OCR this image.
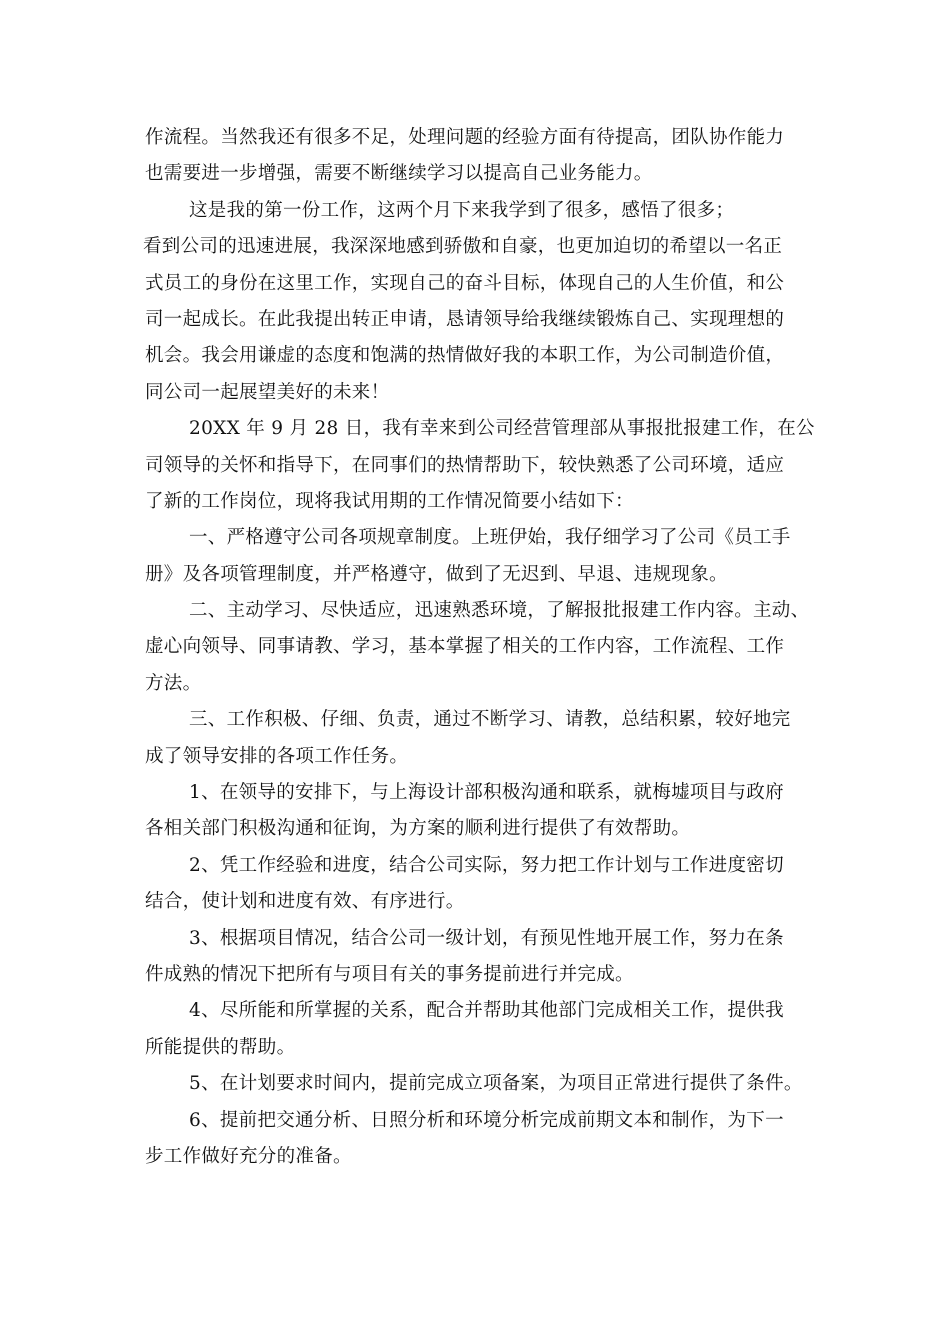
作流程。当然我还有很多不足，处理问题的经验方面有待提高，团队协作能力
也需要进一步增强，需要不断继续学习以提高自己业务能力。
这是我的第一份工作，这两个月下来我学到了很多，感悟了很多；
看到公司的迅速进展，我深深地感到骄傲和自豪，也更加迫切的希望以一名正
式员工的身份在这里工作，实现自己的奋斗目标，体现自己的人生价值，和公
司一起成长。在此我提出转正申请，恳请领导给我继续锻炼自己、实现理想的
机会。我会用谦虚的态度和饱满的热情做好我的本职工作，为公司制造价值，
同公司一起展望美好的未来！
20XX 年 9 月 28 日，我有幸来到公司经营管理部从事报批报建工作，在公
司领导的关怀和指导下，在同事们的热情帮助下，较快熟悉了公司环境，适应
了新的工作岗位，现将我试用期的工作情况简要小结如下：
一、严格遵守公司各项规章制度。上班伊始，我仔细学习了公司《员工手
册》及各项管理制度，并严格遵守，做到了无迟到、早退、违规现象。
二、主动学习、尽快适应，迅速熟悉环境，了解报批报建工作内容。主动、
虚心向领导、同事请教、学习，基本掌握了相关的工作内容，工作流程、工作
方法。
三、工作积极、仔细、负责，通过不断学习、请教，总结积累，较好地完
成了领导安排的各项工作任务。
1、在领导的安排下，与上海设计部积极沟通和联系，就梅墟项目与政府
各相关部门积极沟通和征询，为方案的顺利进行提供了有效帮助。
2、凭工作经验和进度，结合公司实际，努力把工作计划与工作进度密切
结合，使计划和进度有效、有序进行。
3、根据项目情况，结合公司一级计划，有预见性地开展工作，努力在条
件成熟的情况下把所有与项目有关的事务提前进行并完成。
4、尽所能和所掌握的关系，配合并帮助其他部门完成相关工作，提供我
所能提供的帮助。
5、在计划要求时间内，提前完成立项备案，为项目正常进行提供了条件。
6、提前把交通分析、日照分析和环境分析完成前期文本和制作，为下一
步工作做好充分的准备。
